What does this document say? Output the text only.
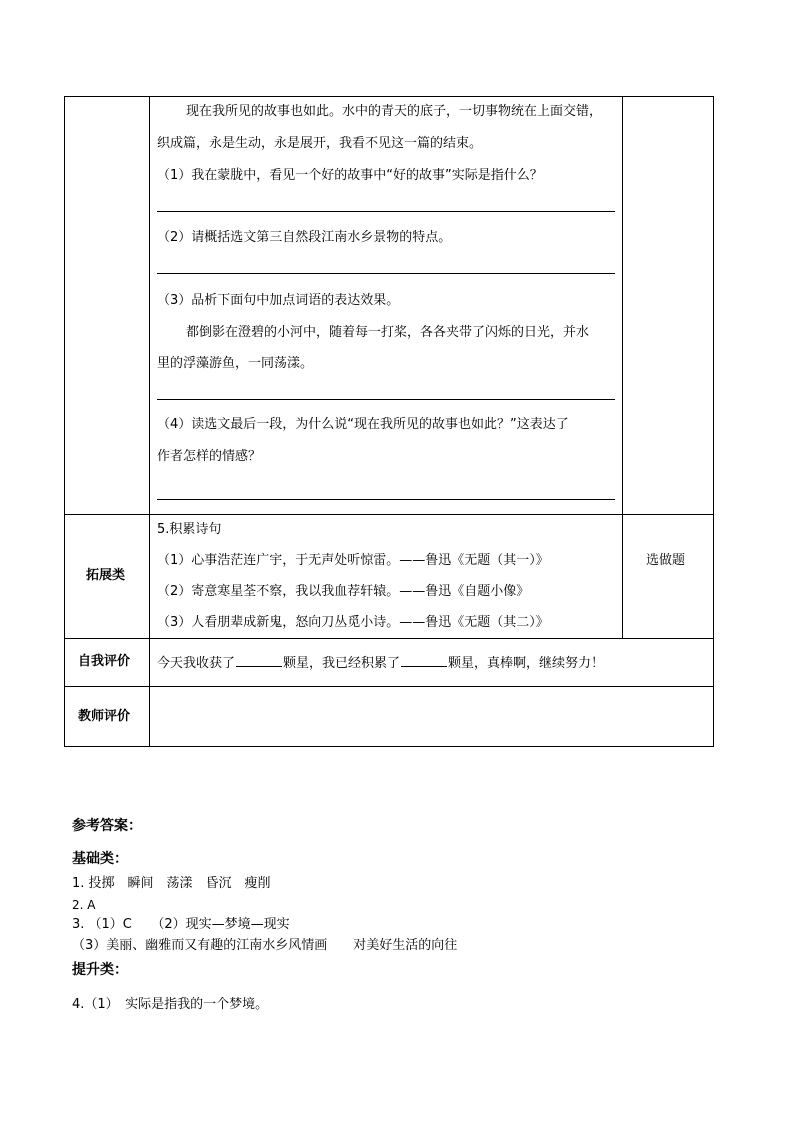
现在我所见的故事也如此。水中的青天的底子，一切事物统在上面交错，
织成篇，永是生动，永是展开，我看不见这一篇的结束。
（1）我在蒙胧中，看见一个好的故事中“好的故事”实际是指什么？
（2）请概括选文第三自然段江南水乡景物的特点。
（3）品析下面句中加点词语的表达效果。
都倒影在澄碧的小河中，随着每一打桨，各各夹带了闪烁的日光，并水
里的浮藻游鱼，一同荡漾。
（4）读选文最后一段，为什么说“现在我所见的故事也如此？”这表达了
作者怎样的情感？
拓展类
5.积累诗句
（1）心事浩茫连广宇，于无声处听惊雷。——鲁迅《无题（其一）》
（2）寄意寒星荃不察，我以我血荐轩辕。——鲁迅《自题小像》
（3）人看朋辈成新鬼，怒向刀丛觅小诗。——鲁迅《无题（其二）》
选做题
自我评价 今天我收获了	颗星，我已经积累了	颗星，真棒啊，继续努力！
教师评价
参考答案：
基础类：
1. 投掷　瞬间　荡漾　昏沉　瘦削
2. A
3. （1）C　　（2）现实—梦境—现实
（3）美丽、幽雅而又有趣的江南水乡风情画　　对美好生活的向往
提升类：
4.（1）　实际是指我的一个梦境。
